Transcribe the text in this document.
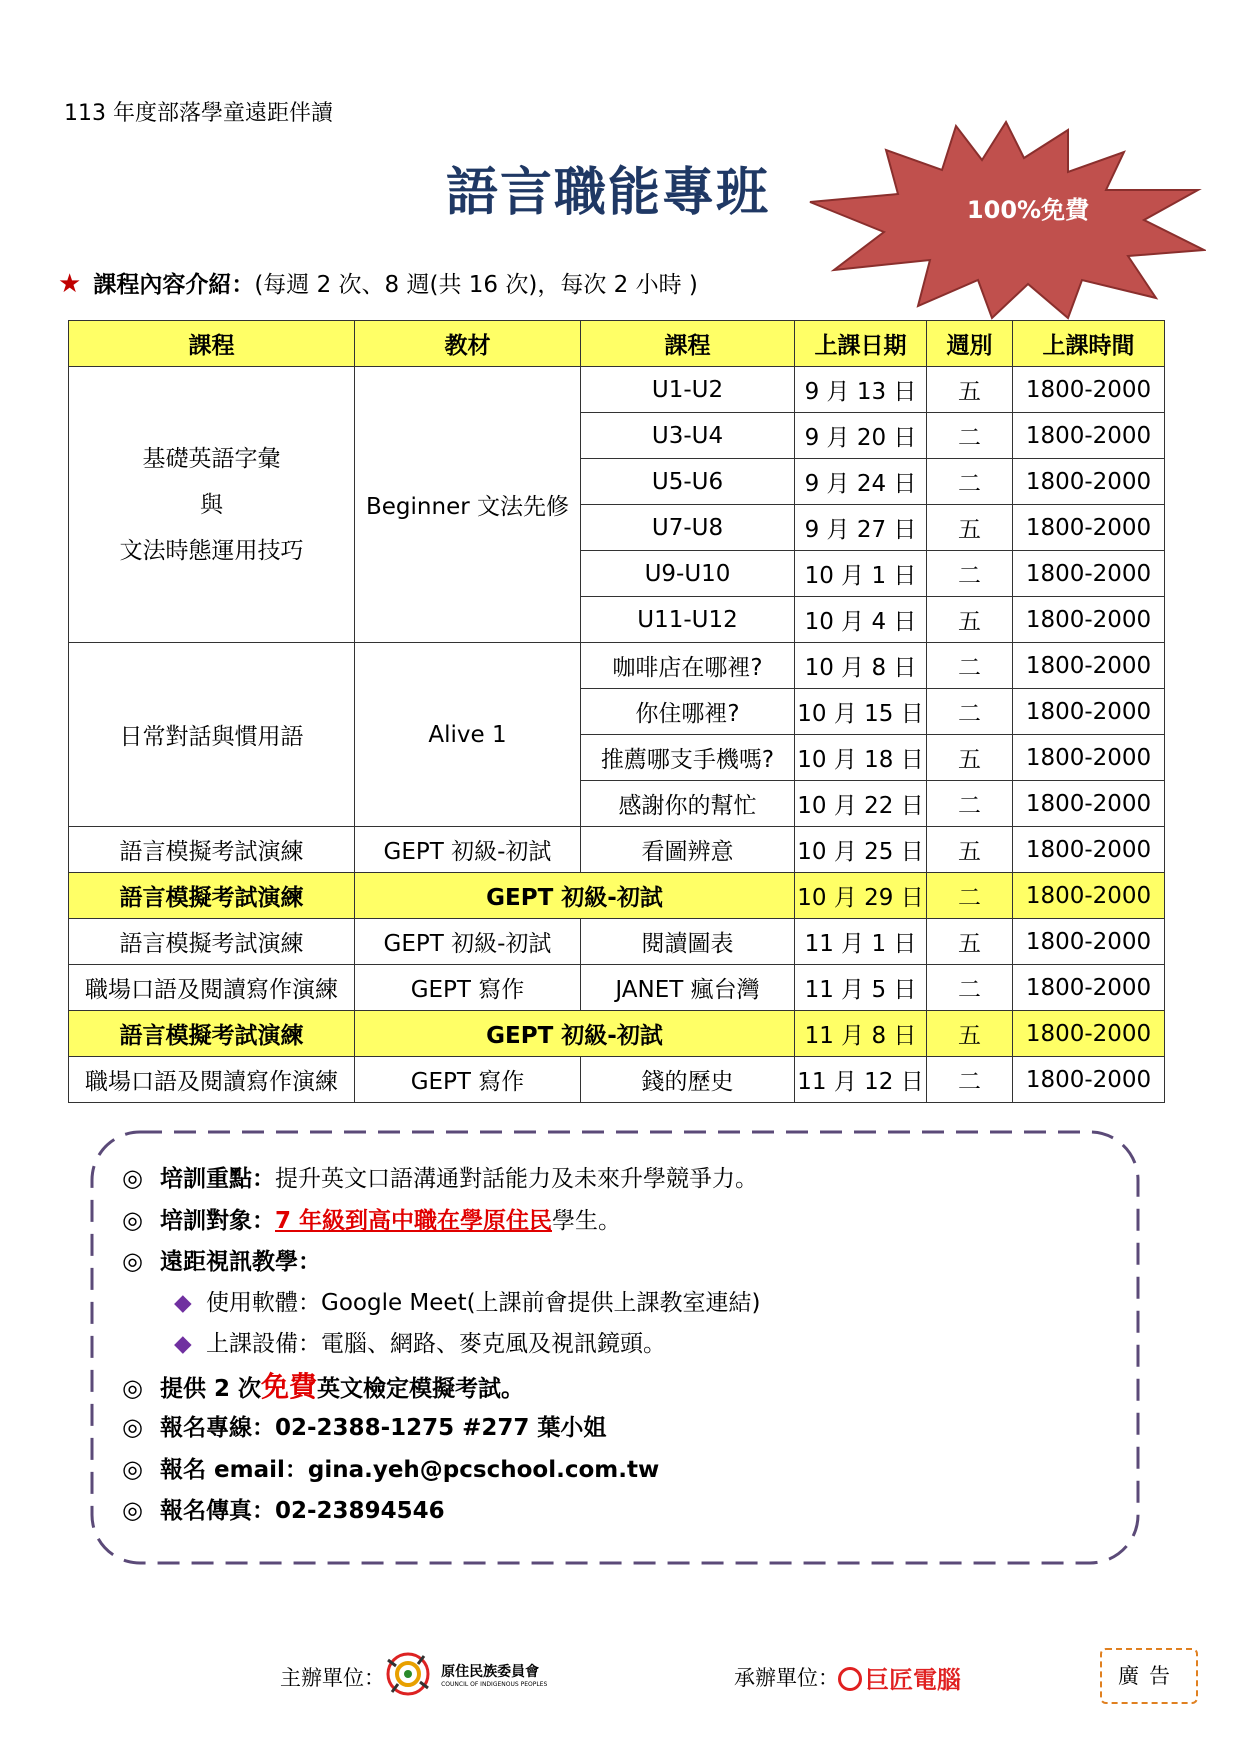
113 年度部落學童遠距伴讀
語言職能專班	100%免費
★ 課程內容介紹：(每週 2 次、8 週(共 16 次)，每次 2 小時 )
課程	教材	課程	上課日期	週別	上課時間

基礎英語字彙
與
文法時態運用技巧	Beginner 文法先修	U1-U2	9 月 13 日	五	1800-2000
		U3-U4	9 月 20 日	二	1800-2000
		U5-U6	9 月 24 日	二	1800-2000
		U7-U8	9 月 27 日	五	1800-2000
		U9-U10	10 月 1 日	二	1800-2000
		U11-U12	10 月 4 日	五	1800-2000
日常對話與慣用語	Alive 1	咖啡店在哪裡?	10 月 8 日	二	1800-2000
		你住哪裡?	10 月 15 日	二	1800-2000
		推薦哪支手機嗎?	10 月 18 日	五	1800-2000
		感謝你的幫忙	10 月 22 日	二	1800-2000
語言模擬考試演練	GEPT 初級-初試	看圖辨意	10 月 25 日	五	1800-2000
語言模擬考試演練	GEPT 初級-初試		10 月 29 日	二	1800-2000
語言模擬考試演練	GEPT 初級-初試	閱讀圖表	11 月 1 日	五	1800-2000
職場口語及閱讀寫作演練	GEPT 寫作	JANET 瘋台灣	11 月 5 日	二	1800-2000
語言模擬考試演練	GEPT 初級-初試		11 月 8 日	五	1800-2000
職場口語及閱讀寫作演練	GEPT 寫作	錢的歷史	11 月 12 日	二	1800-2000
◎ 培訓重點：提升英文口語溝通對話能力及未來升學競爭力。
◎ 培訓對象：7 年級到高中職在學原住民學生。
◎ 遠距視訊教學：
◆ 使用軟體：Google Meet(上課前會提供上課教室連結)
◆ 上課設備：電腦、網路、麥克風及視訊鏡頭。
◎ 提供 2 次免費英文檢定模擬考試。
◎ 報名專線：02-2388-1275 #277 葉小姐
◎ 報名 email：gina.yeh@pcschool.com.tw
◎ 報名傳真：02-23894546
主辦單位：
	原住民族委員會
COUNCIL OF INDIGENOUS PEOPLES	承辦單位：	巨匠電腦	廣告
